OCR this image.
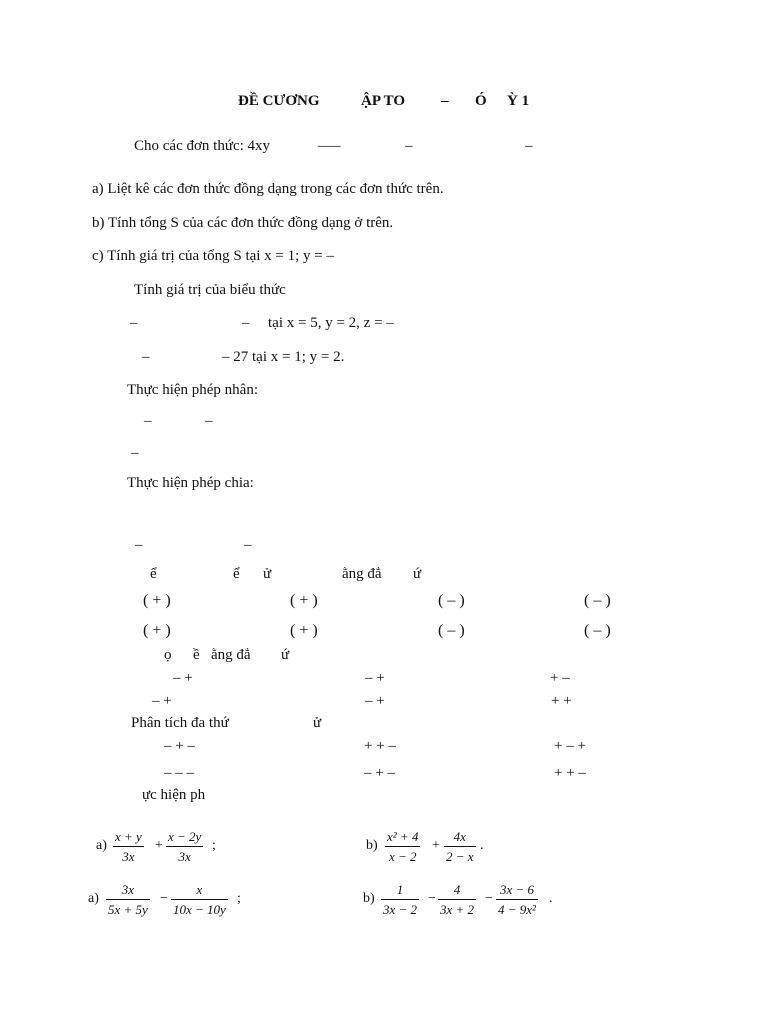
ĐỀ CƯƠNG	ẬP TO – Ó Ỳ 1
Cho các đơn thức: 4xy	–—	–	–
a) Liệt kê các đơn thức đồng dạng trong các đơn thức trên.
b) Tính tổng S của các đơn thức đồng dạng ở trên.
c) Tính giá trị của tổng S tại x = 1; y = –
Tính giá trị của biểu thức
–	– tại x = 5, y = 2, z = –
–	– 27 tại x = 1; y = 2.
Thực hiện phép nhân:
–	–
–
Thực hiện phép chia:
–	–
ể	ể ử	ằng đẳ ứ
( + )	( + )	( – )	( – )
( + )	( + )	( – )	( – )
ọ ề ằng đẳ ứ
– +	– +	+ –
– +	– +	+ +
Phân tích đa thứ	ử
– + –	+ + –	+ – +
– – –	– + –	+ + –
ực hiện ph
$a) \frac{x + y}{3x} + \frac{x - 2y}{3x}$ ;	$b) \frac{\text{x² + 4}}{x - 2} + \frac{4x}{2 - x}$ .
$a) \frac{3x}{5x + 5y} - \frac{x}{10x - 10y}$ ;	$b) \frac{1}{3x - 2} - \frac{4}{3x + 2} - \frac{3x - 6}{\text{4 − 9x²}}$ .
